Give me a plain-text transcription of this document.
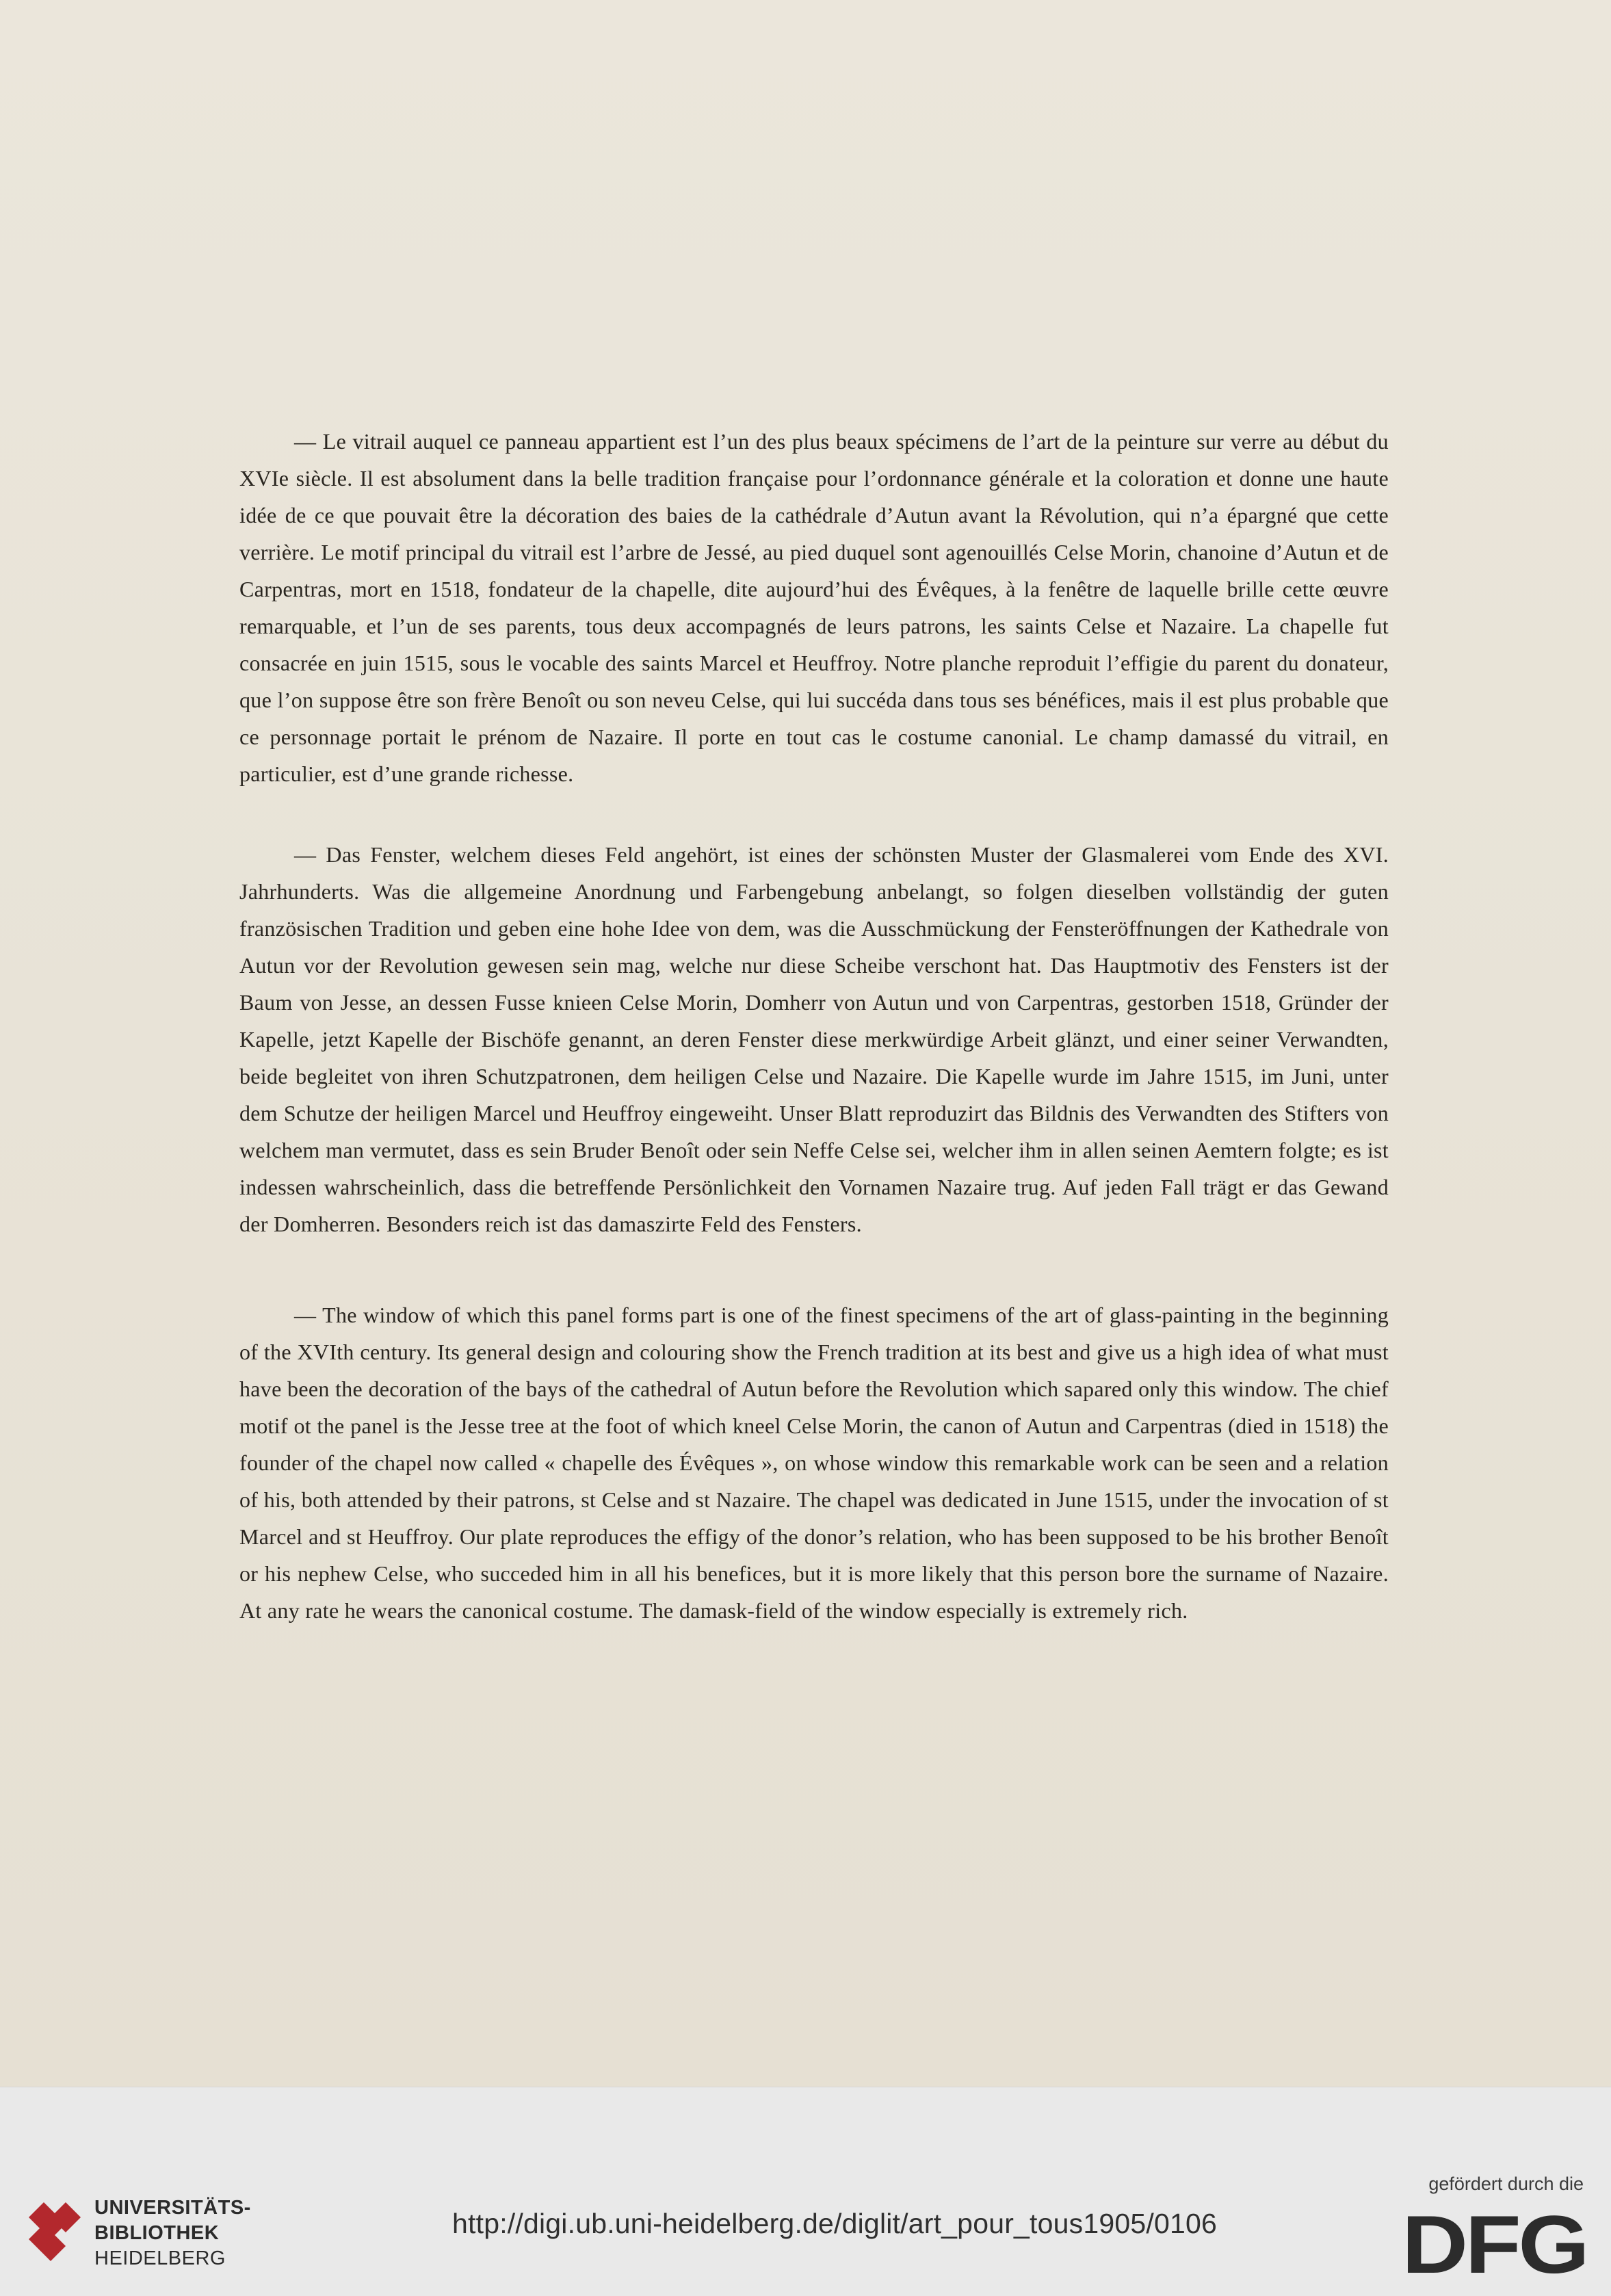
— Le vitrail auquel ce panneau appartient est l’un des plus beaux spécimens de l’art de la peinture sur verre au début du XVIe siècle. Il est absolument dans la belle tradition française pour l’ordonnance générale et la coloration et donne une haute idée de ce que pouvait être la décoration des baies de la cathédrale d’Autun avant la Révolution, qui n’a épargné que cette verrière. Le motif principal du vitrail est l’arbre de Jessé, au pied duquel sont agenouillés Celse Morin, chanoine d’Autun et de Carpentras, mort en 1518, fondateur de la chapelle, dite aujourd’hui des Évêques, à la fenêtre de laquelle brille cette œuvre remarquable, et l’un de ses parents, tous deux accompagnés de leurs patrons, les saints Celse et Nazaire. La chapelle fut consacrée en juin 1515, sous le vocable des saints Marcel et Heuffroy. Notre planche reproduit l’effigie du parent du donateur, que l’on suppose être son frère Benoît ou son neveu Celse, qui lui succéda dans tous ses bénéfices, mais il est plus probable que ce personnage portait le prénom de Nazaire. Il porte en tout cas le costume canonial. Le champ damassé du vitrail, en particulier, est d’une grande richesse.

— Das Fenster, welchem dieses Feld angehört, ist eines der schönsten Muster der Glasmalerei vom Ende des XVI. Jahrhunderts. Was die allgemeine Anordnung und Farbengebung anbelangt, so folgen dieselben vollständig der guten französischen Tradition und geben eine hohe Idee von dem, was die Ausschmückung der Fensteröffnungen der Kathedrale von Autun vor der Revolution gewesen sein mag, welche nur diese Scheibe verschont hat. Das Hauptmotiv des Fensters ist der Baum von Jesse, an dessen Fusse knieen Celse Morin, Domherr von Autun und von Carpentras, gestorben 1518, Gründer der Kapelle, jetzt Kapelle der Bischöfe genannt, an deren Fenster diese merkwürdige Arbeit glänzt, und einer seiner Verwandten, beide begleitet von ihren Schutzpatronen, dem heiligen Celse und Nazaire. Die Kapelle wurde im Jahre 1515, im Juni, unter dem Schutze der heiligen Marcel und Heuffroy eingeweiht. Unser Blatt reproduzirt das Bildnis des Verwandten des Stifters von welchem man vermutet, dass es sein Bruder Benoît oder sein Neffe Celse sei, welcher ihm in allen seinen Aemtern folgte; es ist indessen wahrscheinlich, dass die betreffende Persönlichkeit den Vornamen Nazaire trug. Auf jeden Fall trägt er das Gewand der Domherren. Besonders reich ist das damaszirte Feld des Fensters.

— The window of which this panel forms part is one of the finest specimens of the art of glass-painting in the beginning of the XVIth century. Its general design and colouring show the French tradition at its best and give us a high idea of what must have been the decoration of the bays of the cathedral of Autun before the Revolution which sapared only this window. The chief motif ot the panel is the Jesse tree at the foot of which kneel Celse Morin, the canon of Autun and Carpentras (died in 1518) the founder of the chapel now called « chapelle des Évêques », on whose window this remarkable work can be seen and a relation of his, both attended by their patrons, st Celse and st Nazaire. The chapel was dedicated in June 1515, under the invocation of st Marcel and st Heuffroy. Our plate reproduces the effigy of the donor’s relation, who has been supposed to be his brother Benoît or his nephew Celse, who succeded him in all his benefices, but it is more likely that this person bore the surname of Nazaire. At any rate he wears the canonical costume. The damask-field of the window especially is extremely rich.

UNIVERSITÄTS-
BIBLIOTHEK
HEIDELBERG
http://digi.ub.uni-heidelberg.de/diglit/art_pour_tous1905/0106
gefördert durch die
DFG
